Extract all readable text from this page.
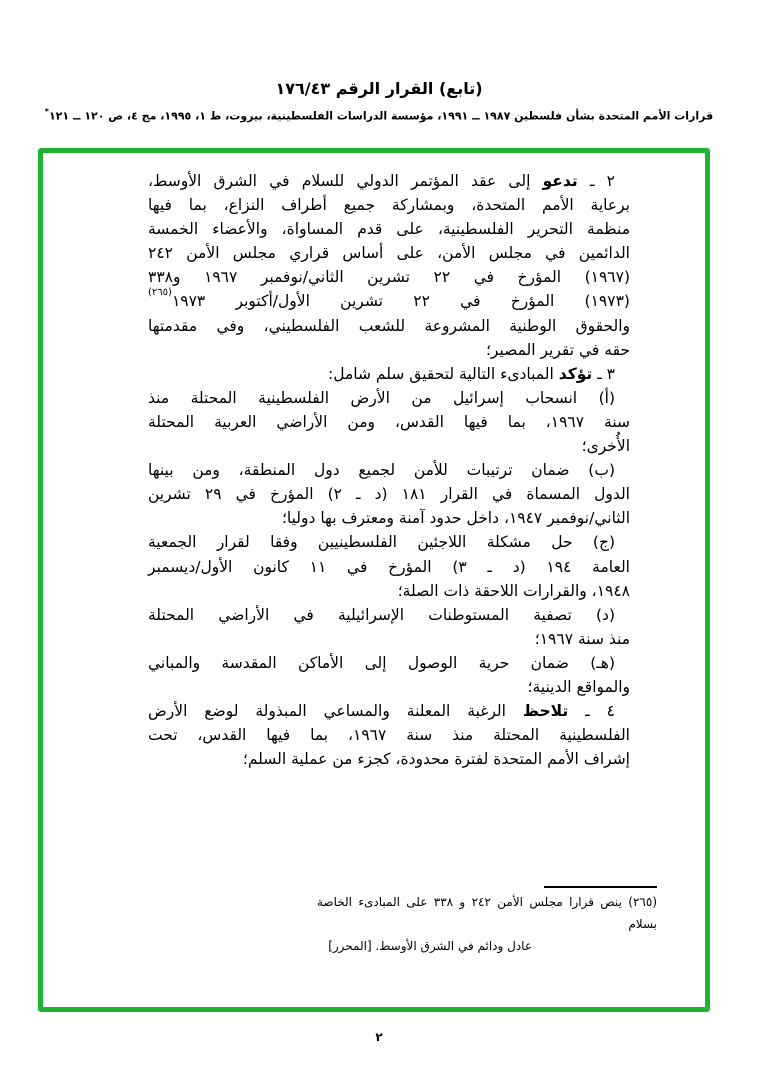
(تابع) القرار الرقم ١٧٦/٤٣
قرارات الأمم المتحدة بشأن فلسطين ١٩٨٧ ــ ١٩٩١، مؤسسة الدراسات الفلسطينية، بيروت، ط ١، ١٩٩٥، مج ٤، ص ١٢٠ ــ ١٢١*
٢ ـ تدعو إلى عقد المؤتمر الدولي للسلام في الشرق الأوسط،
برعاية الأمم المتحدة، وبمشاركة جميع أطراف النزاع، بما فيها
منظمة التحرير الفلسطينية، على قدم المساواة، والأعضاء الخمسة
الدائمين في مجلس الأمن، على أساس قراري مجلس الأمن ٢٤٢
(١٩٦٧) المؤرخ في ٢٢ تشرين الثاني/نوفمبر ١٩٦٧ و٣٣٨
(١٩٧٣) المؤرخ في ٢٢ تشرين الأول/أكتوبر ١٩٧٣$^{(٢٦٥)}$
والحقوق الوطنية المشروعة للشعب الفلسطيني، وفي مقدمتها
حقه في تقرير المصير؛
٣ ـ تؤكد المبادىء التالية لتحقيق سلم شامل:
(أ) انسحاب إسرائيل من الأرض الفلسطينية المحتلة منذ
سنة ١٩٦٧، بما فيها القدس، ومن الأراضي العربية المحتلة
الأُخرى؛
(ب) ضمان ترتيبات للأمن لجميع دول المنطقة، ومن بينها
الدول المسماة في القرار ١٨١ (د ـ ٢) المؤرخ في ٢٩ تشرين
الثاني/نوفمبر ١٩٤٧، داخل حدود آمنة ومعترف بها دوليا؛
(ج) حل مشكلة اللاجئين الفلسطينيين وفقا لقرار الجمعية
العامة ١٩٤ (د ـ ٣) المؤرخ في ١١ كانون الأول/ديسمبر
١٩٤٨، والقرارات اللاحقة ذات الصلة؛
(د) تصفية المستوطنات الإسرائيلية في الأراضي المحتلة
منذ سنة ١٩٦٧؛
(هـ) ضمان حرية الوصول إلى الأماكن المقدسة والمباني
والمواقع الدينية؛
٤ ـ تلاحظ الرغبة المعلنة والمساعي المبذولة لوضع الأرض
الفلسطينية المحتلة منذ سنة ١٩٦٧، بما فيها القدس، تحت
إشراف الأمم المتحدة لفترة محدودة، كجزء من عملية السلم؛
(٢٦٥) ينص قرارا مجلس الأمن ٢٤٢ و ٣٣٨ على المبادىء الخاصة بسلام
عادل ودائم في الشرق الأوسط. [المحرر]
٢
